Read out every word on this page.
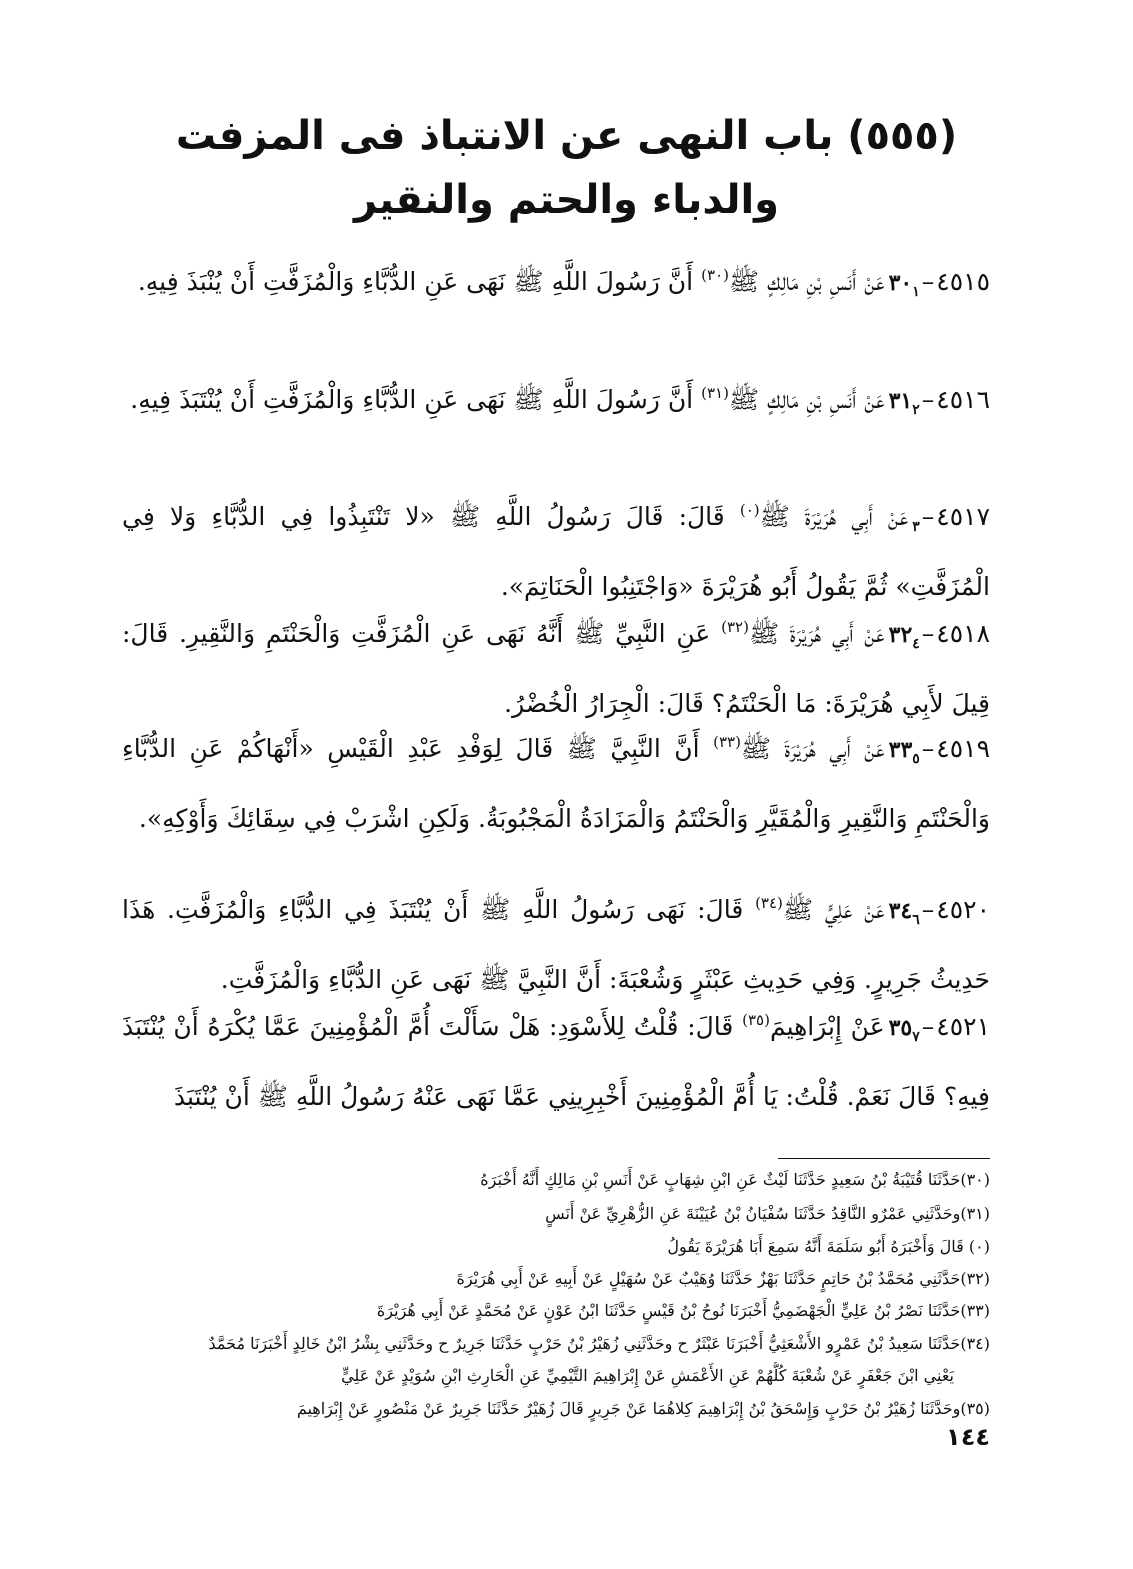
(٥٥٥) باب النهى عن الانتباذ فى المزفت
والدباء والحتم والنقير

$٤٥١٥-٣٠_١عَنْ$ أَنَسِ بْنِ مَالِكٍ ﷺ$^{(٣٠)}$ أَنَّ رَسُولَ اللَّهِ ﷺ نَهَى عَنِ الدُّبَّاءِ وَالْمُزَفَّتِ أَنْ يُنْبَذَ فِيهِ.

$٤٥١٦-٣١_٢عَنْ$ أَنَسِ بْنِ مَالِكٍ ﷺ$^{(٣١)}$ أَنَّ رَسُولَ اللَّهِ ﷺ نَهَى عَنِ الدُّبَّاءِ وَالْمُزَفَّتِ أَنْ يُنْتَبَذَ فِيهِ.

$٤٥١٧-_٣عَنْ$ أَبِي هُرَيْرَةَ ﷺ$^{(٠)}$ قَالَ: قَالَ رَسُولُ اللَّهِ ﷺ «لا تَنْتَبِذُوا فِي الدُّبَّاءِ وَلا فِي الْمُزَفَّتِ» ثُمَّ يَقُولُ أَبُو هُرَيْرَةَ «وَاجْتَنِبُوا الْحَنَاتِمَ».

$٤٥١٨-٣٢_٤عَنْ$ أَبِي هُرَيْرَةَ ﷺ$^{(٣٢)}$ عَنِ النَّبِيِّ ﷺ أَنَّهُ نَهَى عَنِ الْمُزَفَّتِ وَالْحَنْتَمِ وَالنَّقِيرِ. قَالَ: قِيلَ لأَبِي هُرَيْرَةَ: مَا الْحَنْتَمُ؟ قَالَ: الْجِرَارُ الْخُضْرُ.

$٤٥١٩-٣٣_٥عَنْ$ أَبِي هُرَيْرَةَ ﷺ$^{(٣٣)}$ أَنَّ النَّبِيَّ ﷺ قَالَ لِوَفْدِ عَبْدِ الْقَيْسِ «أَنْهَاكُمْ عَنِ الدُّبَّاءِ وَالْحَنْتَمِ وَالنَّقِيرِ وَالْمُقَيَّرِ وَالْحَنْتَمُ وَالْمَزَادَةُ الْمَجْبُوبَةُ. وَلَكِنِ اشْرَبْ فِي سِقَائِكَ وَأَوْكِهِ».

$٤٥٢٠-٣٤_٦عَنْ$ عَلِيٍّ ﷺ$^{(٣٤)}$ قَالَ: نَهَى رَسُولُ اللَّهِ ﷺ أَنْ يُنْتَبَذَ فِي الدُّبَّاءِ وَالْمُزَفَّتِ. هَذَا حَدِيثُ جَرِيرٍ. وَفِي حَدِيثِ عَبْثَرٍ وَشُعْبَةَ: أَنَّ النَّبِيَّ ﷺ نَهَى عَنِ الدُّبَّاءِ وَالْمُزَفَّتِ.

$٤٥٢١-٣٥_٧عَنْ$ إِبْرَاهِيمَ$^{(٣٥)}$ قَالَ: قُلْتُ لِلأَسْوَدِ: هَلْ سَأَلْتَ أُمَّ الْمُؤْمِنِينَ عَمَّا يُكْرَهُ أَنْ يُنْتَبَذَ فِيهِ؟ قَالَ نَعَمْ. قُلْتُ: يَا أُمَّ الْمُؤْمِنِينَ أَخْبِرِينِي عَمَّا نَهَى عَنْهُ رَسُولُ اللَّهِ ﷺ أَنْ يُنْتَبَذَ

(٣٠)حَدَّثَنَا قُتَيْبَةُ بْنُ سَعِيدٍ حَدَّثَنَا لَيْثٌ عَنِ ابْنِ شِهَابٍ عَنْ أَنَسِ بْنِ مَالِكٍ أَنَّهُ أَخْبَرَهُ

(٣١)وحَدَّثَنِي عَمْرٌو النَّاقِدُ حَدَّثَنَا سُفْيَانُ بْنُ عُيَيْنَةَ عَنِ الزُّهْرِيِّ عَنْ أَنَسٍ

(٠) قَالَ وَأَخْبَرَهُ أَبُو سَلَمَةَ أَنَّهُ سَمِعَ أَبَا هُرَيْرَةَ يَقُولُ

(٣٢)حَدَّثَنِي مُحَمَّدُ بْنُ حَاتِمٍ حَدَّثَنَا بَهْزٌ حَدَّثَنَا وُهَيْبٌ عَنْ سُهَيْلٍ عَنْ أَبِيهِ عَنْ أَبِي هُرَيْرَةَ

(٣٣)حَدَّثَنَا نَصْرُ بْنُ عَلِيٍّ الْجَهْضَمِيُّ أَخْبَرَنَا نُوحُ بْنُ قَيْسٍ حَدَّثَنَا ابْنُ عَوْنٍ عَنْ مُحَمَّدٍ عَنْ أَبِي هُرَيْرَةَ

(٣٤)حَدَّثَنَا سَعِيدُ بْنُ عَمْرٍو الأَشْعَثِيُّ أَخْبَرَنَا عَبْثَرٌ ح وحَدَّثَنِي زُهَيْرُ بْنُ حَرْبٍ حَدَّثَنَا جَرِيرٌ ح وحَدَّثَنِي بِشْرُ ابْنُ خَالِدٍ أَخْبَرَنَا مُحَمَّدٌ

يَعْنِي ابْنَ جَعْفَرٍ عَنْ شُعْبَةَ كُلُّهُمْ عَنِ الأَعْمَشِ عَنْ إِبْرَاهِيمَ التَّيْمِيِّ عَنِ الْحَارِثِ ابْنِ سُوَيْدٍ عَنْ عَلِيٍّ

(٣٥)وحَدَّثَنَا زُهَيْرُ بْنُ حَرْبٍ وَإِسْحَقُ بْنُ إِبْرَاهِيمَ كِلاهُمَا عَنْ جَرِيرٍ قَالَ زُهَيْرٌ حَدَّثَنَا جَرِيرٌ عَنْ مَنْصُورٍ عَنْ إِبْرَاهِيمَ

١٤٤
